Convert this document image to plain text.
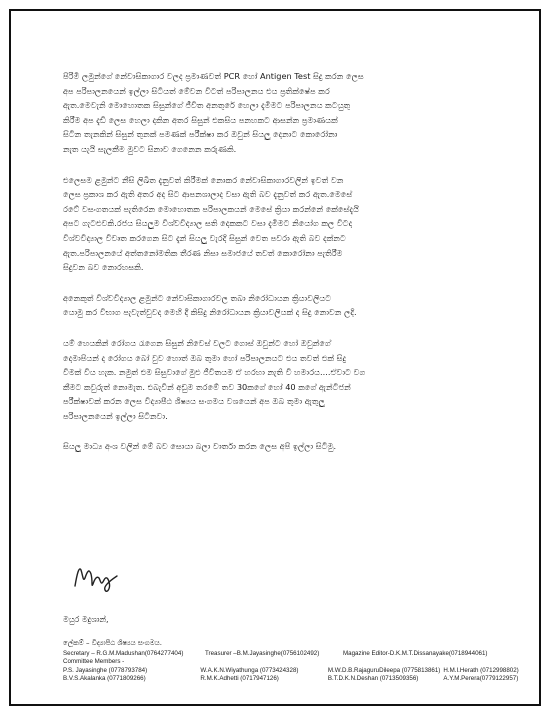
පිරිමි ලමුන්ගේ නේවාසිකාගාර වලද ප්‍රමාණවත් PCR හෝ Antigen Test සිදු කරන ලෙස
අප පරිපාලනයෙන් ඉල්ලා සිටියත් මේවන විටත් පරිපාලනය එය ප්‍රතික්ෂේප කර
ඇත.මෙවැනි මොහොතක සිසුන්ගේ ජීවිත අනතුරේ හෙලා දැමීමට පරිපාලනය කටයුතු
කිරීම අප දැඩි ලෙස හෙලා දකින අතර සිසුන් එකසිය පනහකට ආසන්න ප්‍රමාණයක්
සිටින තැනකින් සිසුන් තුනක් පමණක් පරීක්ෂා කර ඔවුන් සියලු දෙනාට කොරෝනා
නැත යැයි සැලකීම මුවට සිනාව ගෙනෙන කරුණකි.
එලෙසම ළමුන්ට නීසි ලිඛිත දැනුවත් කිරීමක් නොකර නේවාසිකාගාරවලින් ඉවත් වන
ලෙස ප්‍රකාශ කර ඇති අතර අද සිට ආපනශාලාද වසා ඇති බව දැනුවත් කර ඇත.මෙසේ
රටේ වසංගතයක් පැතිරෙන මොහොතක පරිපාලකයන් මෙසේ ක්‍රියා කරන්නේ කේසේදැයි
අපට ගැටළුවකි.රජය සියලුම විශ්වවිද්‍යාල සති දෙකකට වසා දැමීමට නියෝග කල විටද
විශ්වවිද්‍යාල විවෘත කරගෙන සිට දැන් සියලු වැරදි සිසුන් වෙත පවරා ඇති බව දක්නට
ඇත.පරිපාලනයේ අත්තනෝමතික තීරණ නිසා සමාජයේ තවත් කොරෝනා පැතිරීම
සිදුවන බව නොරහසකි.
අනෙකුත් විශ්වවිද්‍යාල ළමුන්ට නේවාසිකාගාරවල තබා නිරෝධායන ක්‍රියාවලියට
යොමු කර විභාග පැවැත්වුවද මෙහි දී කිසිදු නිරෝධායන ක්‍රියාවලියක් ද සිදු නොවන ලදි.
යම් හෙයකින් රෝගය රැගෙන සිසුන් නිවෙස් වලට ගොස් ඔවුන්ට හෝ ඔවුන්ගේ
දෙමාපියන් ද රෝගය බෝ වුව හොත් ඔබ තුමා හෝ පරිපාලනයට එය තවත් එක් සිදු
වීමක් විය හැක. නමුත් එම සිසුවාගේ මුළු ජීවිතයම ඒ හරහා නැති වී හමාරය....ඒවාට වග
කීමට කවුරුත් නොමැත. එබැවින් අඩුම තරමේ තව 30කගේ හෝ 40 කගේ ඇන්ටිජන්
පරීක්ෂාවක් කරන ලෙස විද්‍යාපීඨ ශිෂ්‍යය සංගමය වශයෙන් අප ඔබ තුමා ඇතුලු
පරිපාලනයෙන් ඉල්ලා සිටිනවා.
සියලු මාධ්‍ය අංශ වලින් මේ බව සොයා බලා වාර්තා කරන ලෙස අපි ඉල්ලා සිටිමු.
මයුර මදුශාන්,
ලේකම් – විද්‍යාපීඨ ශිෂ්‍යය සංගමය.
Secretary – R.G.M.Madushan(0764277404)	Treasurer –B.M.Jayasinghe(0756102492)	Magazine Editor-D.K.M.T.Dissanayake(0718944061)
Committee Members -
P.S. Jayasinghe (0778793784)	W.A.K.N.Wiyathunga (0773424328)	M.W.D.B.RajaguruDileepa (0775813861) H.M.I.Herath (0712998802)
B.V.S.Akalanka (0771809266)	R.M.K.Adhetti (0717947126)	B.T.D.K.N.Deshan (0713509356)	A.Y.M.Perera(0779122957)
